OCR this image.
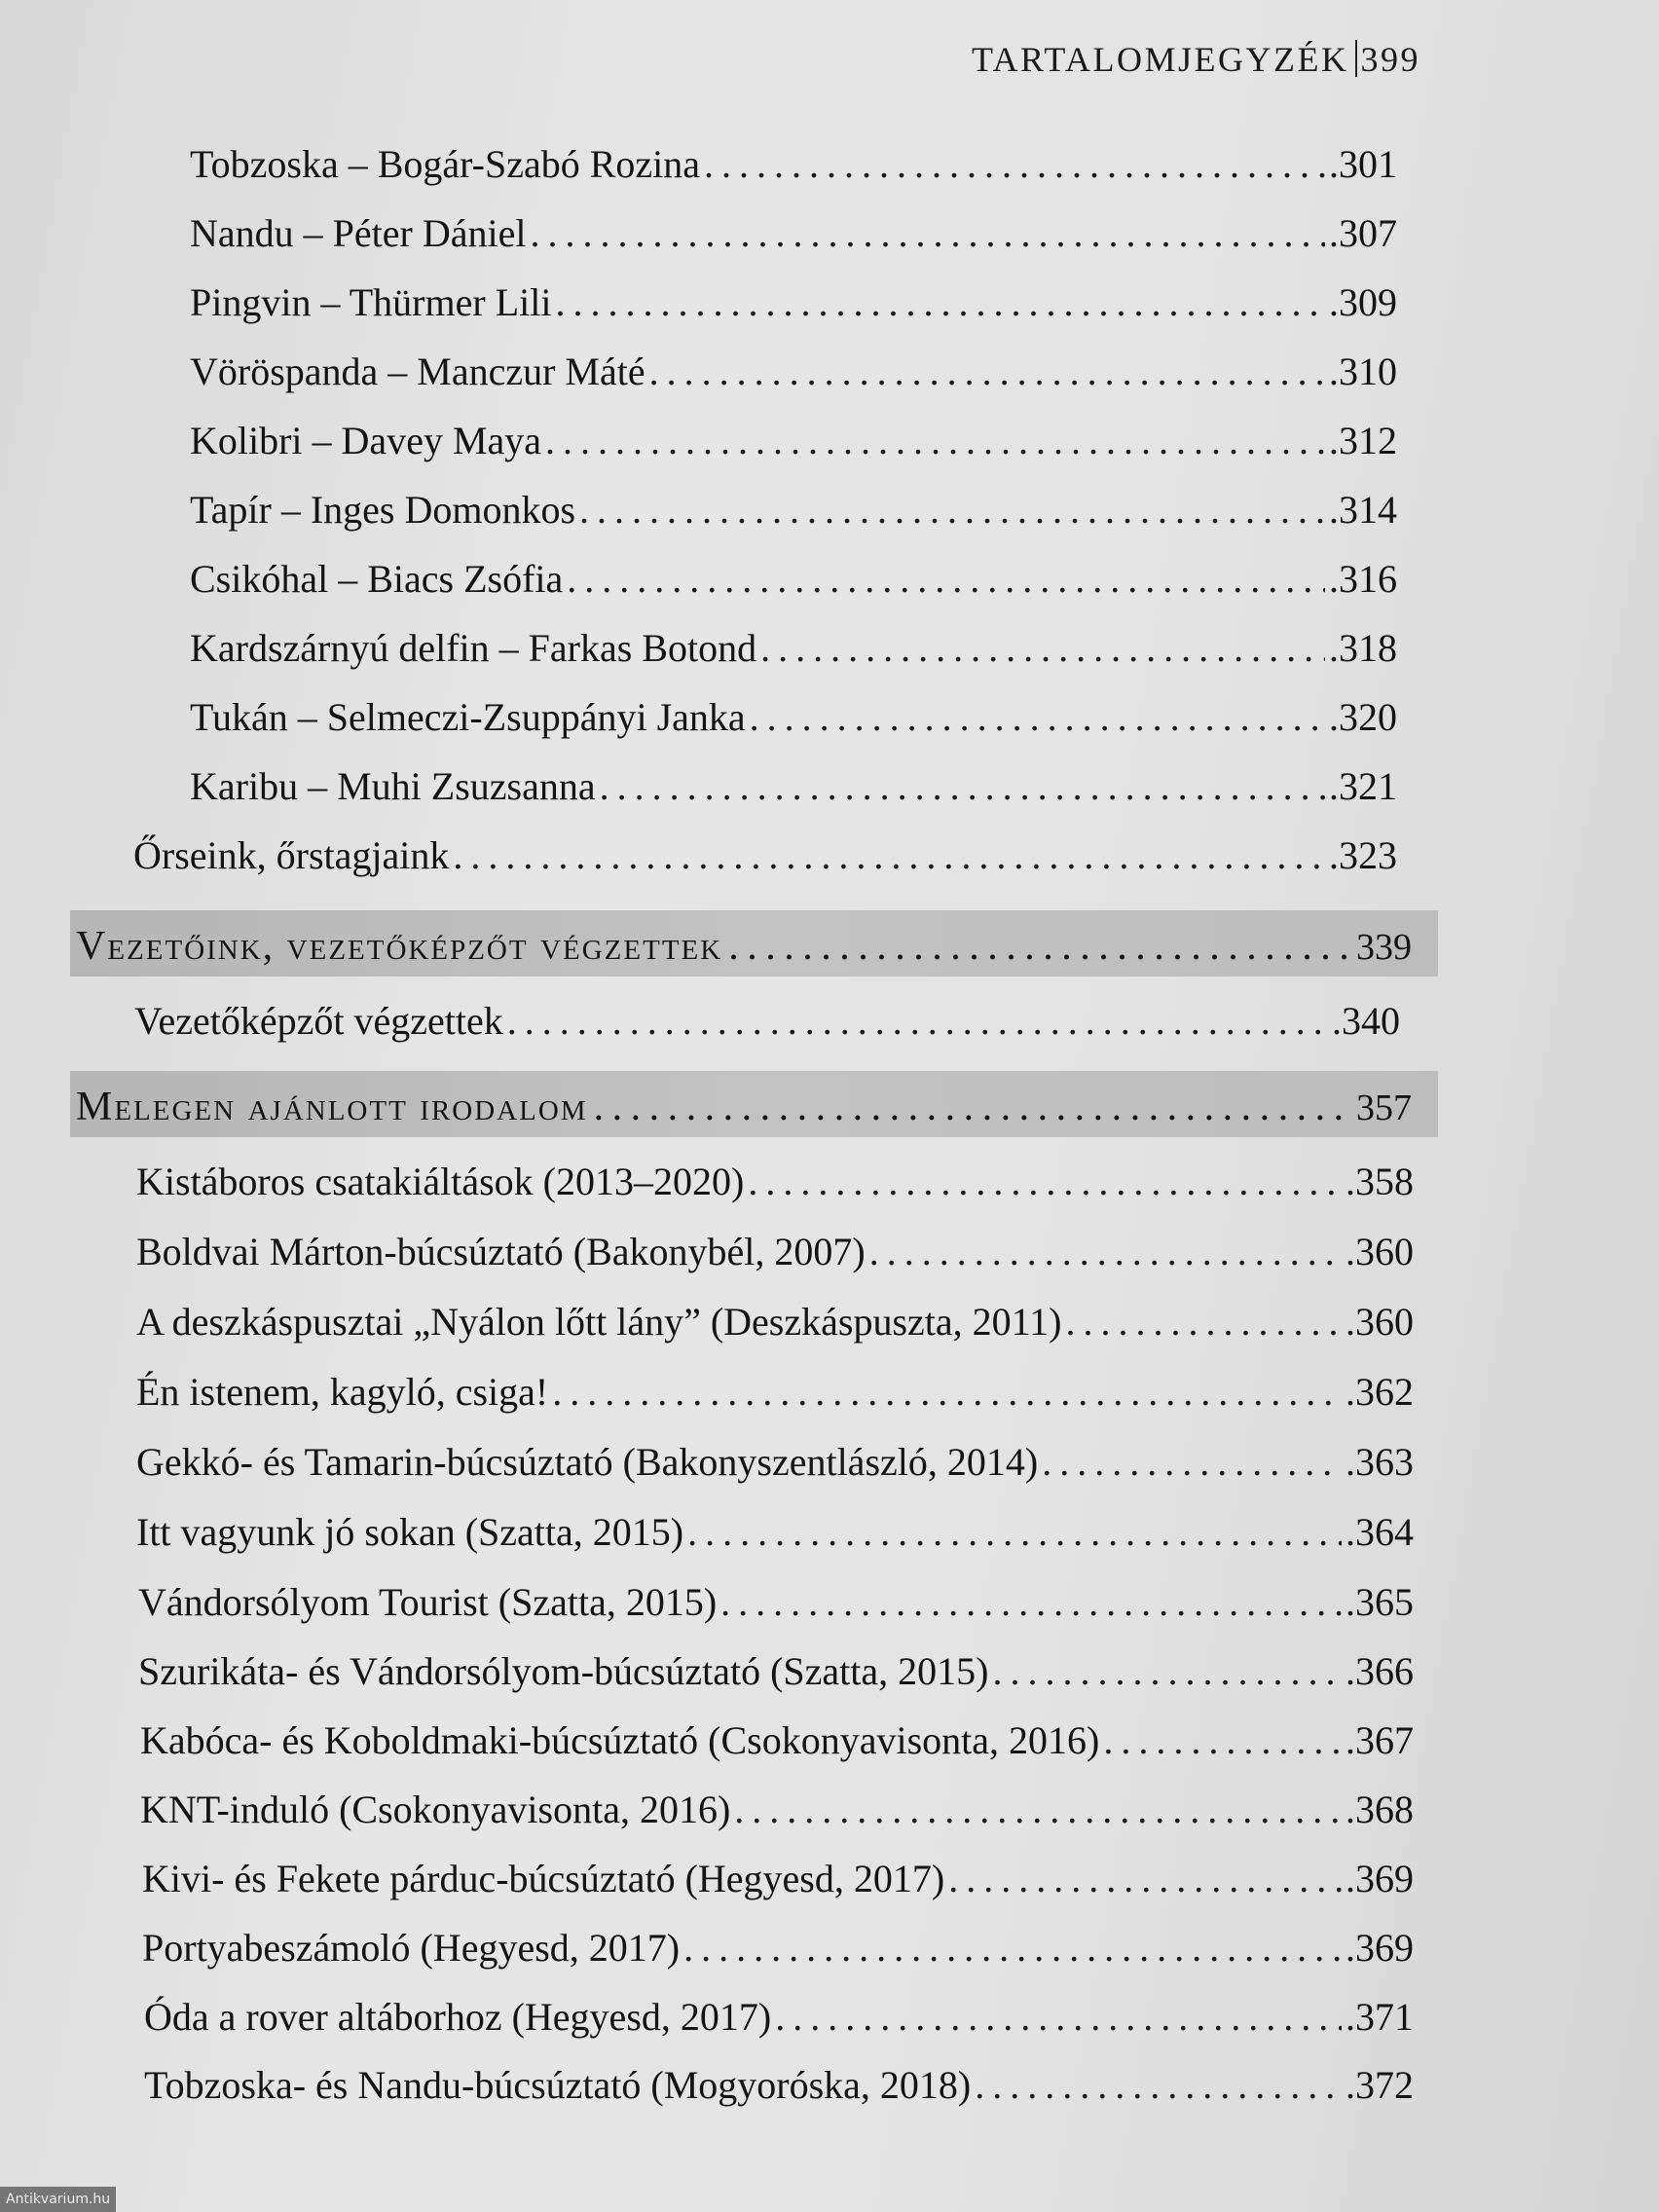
TARTALOMJEGYZÉK 399
Tobzoska – Bogár-Szabó Rozina . . .	.301
Nandu – Péter Dániel . . .	.307
Pingvin – Thürmer Lili . . .	.309
Vöröspanda – Manczur Máté . . .	.310
Kolibri – Davey Maya . . .	.312
Tapír – Inges Domonkos . . .	.314
Csikóhal – Biacs Zsófia . . .	.316
Kardszárnyú delfin – Farkas Botond . . .	.318
Tukán – Selmeczi-Zsuppányi Janka . . .	.320
Karibu – Muhi Zsuzsanna . . .	.321
Őrseink, őrstagjaink . . .	.323
Vezetőink, vezetőképzőt végzettek . . .	339
Vezetőképzőt végzettek . . .	.340
Melegen ajánlott irodalom . . .	357
Kistáboros csatakiáltások (2013–2020) . . .	.358
Boldvai Márton-búcsúztató (Bakonybél, 2007) . . .	.360
A deszkáspusztai „Nyálon lőtt lány” (Deszkáspuszta, 2011) . . .	.360
Én istenem, kagyló, csiga! . . .	.362
Gekkó- és Tamarin-búcsúztató (Bakonyszentlászló, 2014) . . .	.363
Itt vagyunk jó sokan (Szatta, 2015) . . .	.364
Vándorsólyom Tourist (Szatta, 2015) . . .	.365
Szurikáta- és Vándorsólyom-búcsúztató (Szatta, 2015) . . .	.366
Kabóca- és Koboldmaki-búcsúztató (Csokonyavisonta, 2016) . . .	.367
KNT-induló (Csokonyavisonta, 2016) . . .	.368
Kivi- és Fekete párduc-búcsúztató (Hegyesd, 2017) . . .	.369
Portyabeszámoló (Hegyesd, 2017) . . .	.369
Óda a rover altáborhoz (Hegyesd, 2017) . . .	.371
Tobzoska- és Nandu-búcsúztató (Mogyoróska, 2018) . . .	.372
Antikvarium.hu
